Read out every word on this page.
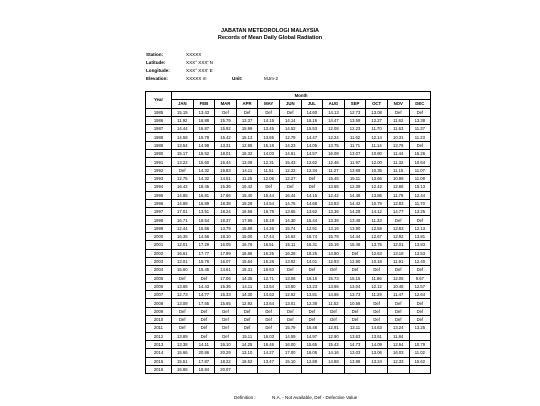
JABATAN METEOROLOGI MALAYSIA
Records of Mean Daily Global Radiation
Station:	XXXXX
Latitude:	XXX° XXX' N
Longitude:	XXX° XXX' E
Elevation:	XXXXX m	Unit:	MJm-2
Year	Month											
	JAN	FEB	MAR	APR	MAY	JUN	JUL	AUG	SEP	OCT	NOV	DEC
1985	15.15	13.43	Def	Def	Def	Def	14.60	14.13	12.73	13.08	Def	Def
1986	11.92	16.88	15.79	13.37	14.15	14.14	16.16	14.47	13.59	12.27	11.62	13.38
1987	14.44	16.87	15.92	15.99	13.45	14.52	15.53	12.08	12.23	11.70	11.63	11.37
1988	14.58	15.79	15.42	15.13	13.65	12.79	14.47	12.24	11.62	12.14	10.31	11.23
1989	13.54	14.99	13.31	12.95	15.18	14.23	14.05	13.75	11.71	11.14	13.76	Def
1990	15.17	15.52	18.01	16.32	14.03	14.61	14.57	16.08	13.07	10.80	11.44	15.26
1991	13.22	15.60	16.44	13.08	12.31	15.43	12.62	12.46	11.97	12.00	11.32	10.64
1992	Def	14.32	16.83	14.11	11.51	12.22	12.34	11.27	13.69	10.35	11.15	11.07
1993	12.75	14.32	14.51	11.25	12.06	12.27	Def	15.45	15.11	13.66	10.99	11.08
1994	16.42	18.45	15.36	16.42	Def	Def	Def	13.65	12.39	12.42	12.66	15.13
1995	14.85	16.81	17.66	15.40	15.44	16.44	14.15	12.42	14.48	13.86	11.79	12.44
1996	14.88	16.89	18.38	15.28	14.54	14.75	14.68	13.83	14.42	10.79	12.83	11.70
1997	17.01	13.51	18.24	16.56	16.78	13.65	13.62	13.36	14.28	14.12	14.77	13.25
1998	16.71	19.54	18.37	17.95	15.19	14.30	15.44	13.38	13.48	11.33	Def	Def
1999	12.44	15.56	13.79	15.88	14.26	15.74	12.91	13.16	13.90	12.59	12.83	12.13
2000	16.35	14.56	18.10	15.00	17.44	14.62	16.74	15.79	14.44	12.67	12.92	13.81
2001	12.01	17.29	16.05	16.76	16.51	15.11	16.31	15.16	15.48	13.75	12.01	13.83
2002	16.61	17.77	17.99	16.86	16.25	16.28	16.25	14.80	Def	12.63	13.18	13.53
2003	13.01	15.76	16.07	15.64	15.28	13.92	14.01	12.93	12.90	10.18	11.91	12.40
2004	15.60	15.45	14.61	15.31	16.63	Def	Def	Def	Def	Def	Def	Def
2005	Def	Def	17.06	14.35	12.71	13.06	16.15	15.73	15.15	11.86	12.05	9.67
2006	13.66	14.43	15.36	14.11	13.54	13.80	13.23	13.66	13.04	12.12	10.48	12.57
2007	12.73	14.77	16.33	14.30	14.63	12.92	13.81	14.66	13.73	11.29	11.47	12.64
2008	13.08	17.55	15.65	12.92	13.64	13.01	12.38	11.52	10.58	Def	Def	Def
2009	Def	Def	Def	Def	Def	Def	Def	Def	Def	Def	Def	Def
2010	Def	Def	Def	Def	Def	Def	Def	Def	Def	Def	Def	Def
2011	Def	Def	Def	Def	Def	15.79	16.48	12.91	13.11	14.63	13.24	13.25
2012	13.89	Def	Def	15.11	16.03	14.59	14.97	12.90	13.63	13.61	11.84	
2013	13.38	14.11	16.10	14.25	16.46	16.00	15.65	15.42	14.73	14.09	12.64	10.79
2014	15.66	20.86	20.29	13.10	14.27	17.00	16.06	14.16	13.03	13.06	16.03	11.02
2015	15.51	17.87	18.22	16.52	13.47	15.10	12.88	14.88	13.88	13.24	12.33	15.62
2016	16.86	18.84	20.07									
Definition :	N.A. - Not Available, Def - Defective Value
